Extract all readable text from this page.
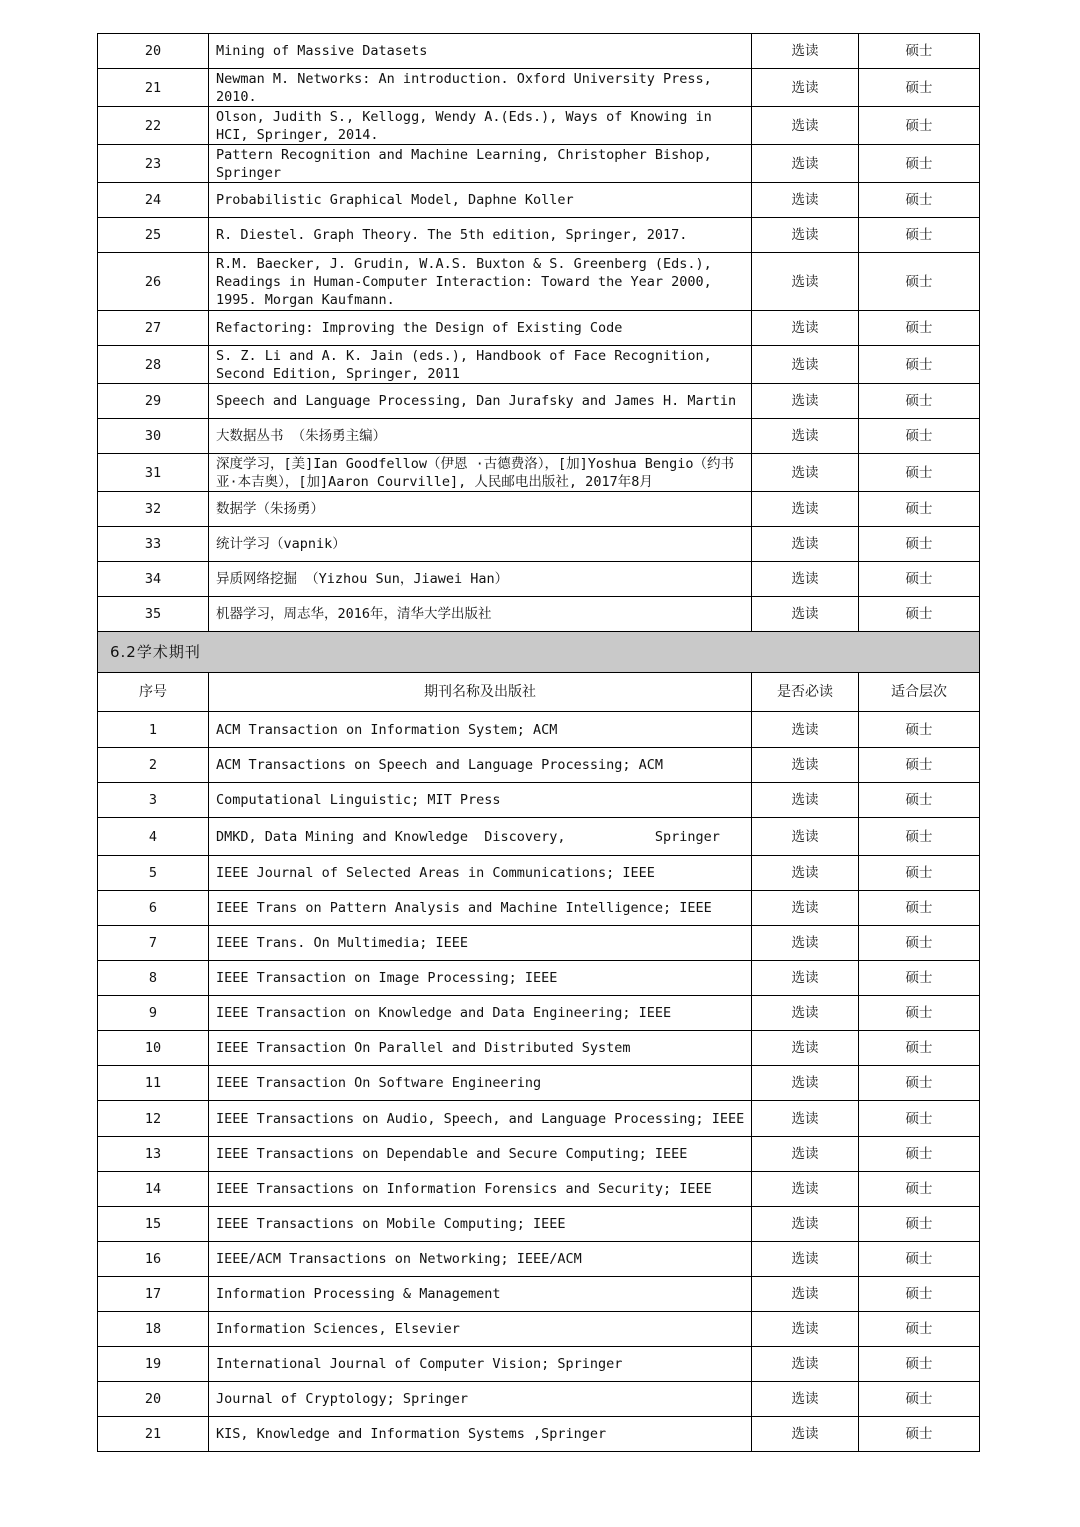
20	Mining of Massive Datasets	选读	硕士
21	Newman M. Networks: An introduction. Oxford University Press, 2010.	选读	硕士
22	Olson, Judith S., Kellogg, Wendy A.(Eds.), Ways of Knowing in HCI, Springer, 2014.	选读	硕士
23	Pattern Recognition and Machine Learning, Christopher Bishop, Springer	选读	硕士
24	Probabilistic Graphical Model, Daphne Koller	选读	硕士
25	R. Diestel. Graph Theory. The 5th edition, Springer, 2017.	选读	硕士
26	R.M. Baecker, J. Grudin, W.A.S. Buxton & S. Greenberg (Eds.), Readings in Human-Computer Interaction: Toward the Year 2000, 1995. Morgan Kaufmann.	选读	硕士
27	Refactoring: Improving the Design of Existing Code	选读	硕士
28	S. Z. Li and A. K. Jain (eds.), Handbook of Face Recognition, Second Edition, Springer, 2011	选读	硕士
29	Speech and Language Processing, Dan Jurafsky and James H. Martin	选读	硕士
30	大数据丛书 （朱扬勇主编）	选读	硕士
31	深度学习，[美]Ian Goodfellow（伊恩 ·古德费洛），[加]Yoshua Bengio（约书亚·本吉奥），[加]Aaron Courville], 人民邮电出版社, 2017年8月	选读	硕士
32	数据学（朱扬勇）	选读	硕士
33	统计学习（vapnik）	选读	硕士
34	异质网络挖掘 （Yizhou Sun，Jiawei Han）	选读	硕士
35	机器学习，周志华，2016年，清华大学出版社	选读	硕士
6.2学术期刊			
序号	期刊名称及出版社	是否必读	适合层次
1	ACM Transaction on Information System; ACM	选读	硕士
2	ACM Transactions on Speech and Language Processing; ACM	选读	硕士
3	Computational Linguistic; MIT Press	选读	硕士
4	DMKD, Data Mining and Knowledge  Discovery,           Springer	选读	硕士
5	IEEE Journal of Selected Areas in Communications; IEEE	选读	硕士
6	IEEE Trans on Pattern Analysis and Machine Intelligence; IEEE	选读	硕士
7	IEEE Trans. On Multimedia; IEEE	选读	硕士
8	IEEE Transaction on Image Processing; IEEE	选读	硕士
9	IEEE Transaction on Knowledge and Data Engineering; IEEE	选读	硕士
10	IEEE Transaction On Parallel and Distributed System	选读	硕士
11	IEEE Transaction On Software Engineering	选读	硕士
12	IEEE Transactions on Audio, Speech, and Language Processing; IEEE	选读	硕士
13	IEEE Transactions on Dependable and Secure Computing; IEEE	选读	硕士
14	IEEE Transactions on Information Forensics and Security; IEEE	选读	硕士
15	IEEE Transactions on Mobile Computing; IEEE	选读	硕士
16	IEEE/ACM Transactions on Networking; IEEE/ACM	选读	硕士
17	Information Processing & Management	选读	硕士
18	Information Sciences, Elsevier	选读	硕士
19	International Journal of Computer Vision; Springer	选读	硕士
20	Journal of Cryptology; Springer	选读	硕士
21	KIS, Knowledge and Information Systems ,Springer	选读	硕士
